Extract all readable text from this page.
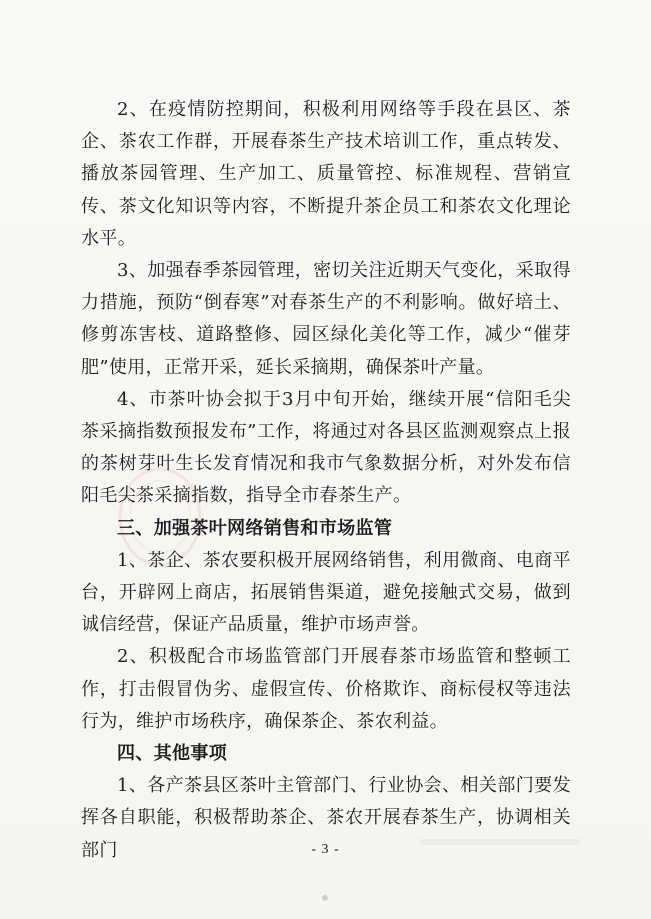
2、在疫情防控期间，积极利用网络等手段在县区、茶企、茶农工作群，开展春茶生产技术培训工作，重点转发、播放茶园管理、生产加工、质量管控、标准规程、营销宣传、茶文化知识等内容，不断提升茶企员工和茶农文化理论水平。

3、加强春季茶园管理，密切关注近期天气变化，采取得力措施，预防“倒春寒”对春茶生产的不利影响。做好培土、修剪冻害枝、道路整修、园区绿化美化等工作，减少“催芽肥”使用，正常开采，延长采摘期，确保茶叶产量。

4、市茶叶协会拟于3月中旬开始，继续开展“信阳毛尖茶采摘指数预报发布”工作，将通过对各县区监测观察点上报的茶树芽叶生长发育情况和我市气象数据分析，对外发布信阳毛尖茶采摘指数，指导全市春茶生产。

三、加强茶叶网络销售和市场监管

1、茶企、茶农要积极开展网络销售，利用微商、电商平台，开辟网上商店，拓展销售渠道，避免接触式交易，做到诚信经营，保证产品质量，维护市场声誉。

2、积极配合市场监管部门开展春茶市场监管和整顿工作，打击假冒伪劣、虚假宣传、价格欺诈、商标侵权等违法行为，维护市场秩序，确保茶企、茶农利益。

四、其他事项

1、各产茶县区茶叶主管部门、行业协会、相关部门要发挥各自职能，积极帮助茶企、茶农开展春茶生产，协调相关部门	- 3 -
